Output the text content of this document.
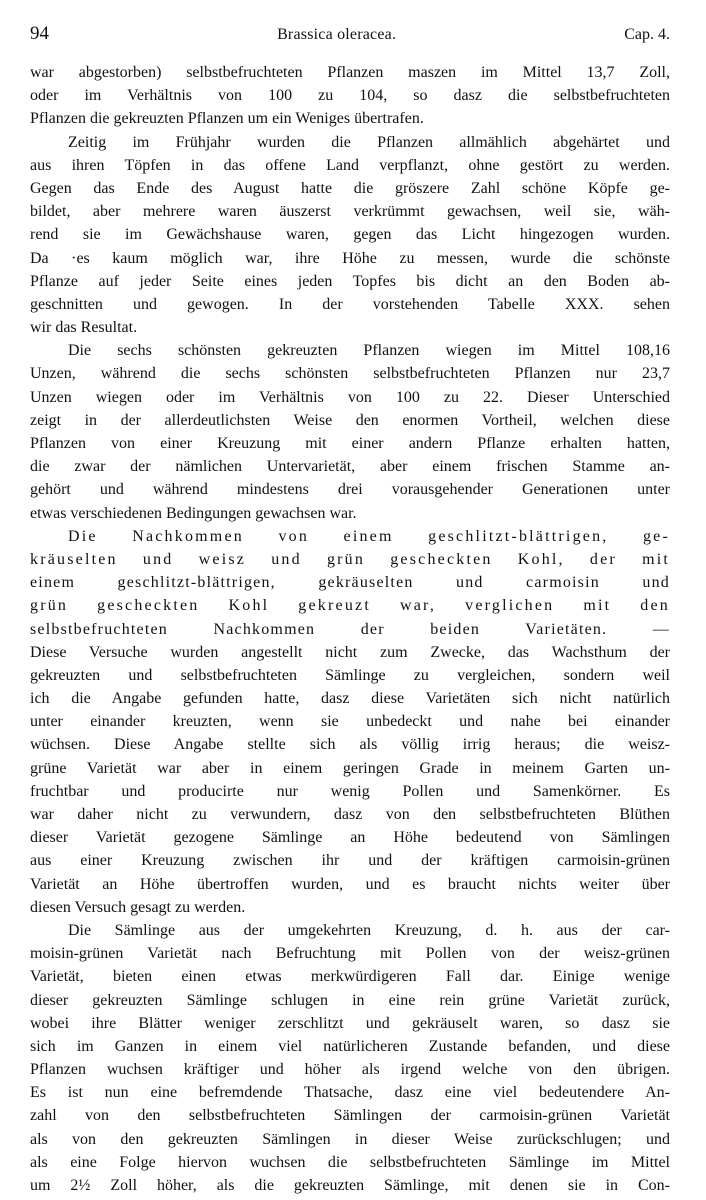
94	Brassica oleracea.	Cap. 4.
war abgestorben) selbstbefruchteten Pflanzen maszen im Mittel 13,7 Zoll,
oder im Verhältnis von 100 zu 104, so dasz die selbstbefruchteten
Pflanzen die gekreuzten Pflanzen um ein Weniges übertrafen.
Zeitig im Frühjahr wurden die Pflanzen allmählich abgehärtet und
aus ihren Töpfen in das offene Land verpflanzt, ohne gestört zu werden.
Gegen das Ende des August hatte die gröszere Zahl schöne Köpfe ge-
bildet, aber mehrere waren äuszerst verkrümmt gewachsen, weil sie, wäh-
rend sie im Gewächshause waren, gegen das Licht hingezogen wurden.
Da ·es kaum möglich war, ihre Höhe zu messen, wurde die schönste
Pflanze auf jeder Seite eines jeden Topfes bis dicht an den Boden ab-
geschnitten und gewogen. In der vorstehenden Tabelle XXX. sehen
wir das Resultat.
Die sechs schönsten gekreuzten Pflanzen wiegen im Mittel 108,16
Unzen, während die sechs schönsten selbstbefruchteten Pflanzen nur 23,7
Unzen wiegen oder im Verhältnis von 100 zu 22. Dieser Unterschied
zeigt in der allerdeutlichsten Weise den enormen Vortheil, welchen diese
Pflanzen von einer Kreuzung mit einer andern Pflanze erhalten hatten,
die zwar der nämlichen Untervarietät, aber einem frischen Stamme an-
gehört und während mindestens drei vorausgehender Generationen unter
etwas verschiedenen Bedingungen gewachsen war.
Die Nachkommen von einem geschlitzt-blättrigen, ge-
kräuselten und weisz und grün gescheckten Kohl, der mit
einem geschlitzt-blättrigen, gekräuselten und carmoisin und
grün gescheckten Kohl gekreuzt war, verglichen mit den
selbstbefruchteten Nachkommen der beiden Varietäten. —
Diese Versuche wurden angestellt nicht zum Zwecke, das Wachsthum der
gekreuzten und selbstbefruchteten Sämlinge zu vergleichen, sondern weil
ich die Angabe gefunden hatte, dasz diese Varietäten sich nicht natürlich
unter einander kreuzten, wenn sie unbedeckt und nahe bei einander
wüchsen. Diese Angabe stellte sich als völlig irrig heraus; die weisz-
grüne Varietät war aber in einem geringen Grade in meinem Garten un-
fruchtbar und producirte nur wenig Pollen und Samenkörner. Es
war daher nicht zu verwundern, dasz von den selbstbefruchteten Blüthen
dieser Varietät gezogene Sämlinge an Höhe bedeutend von Sämlingen
aus einer Kreuzung zwischen ihr und der kräftigen carmoisin-grünen
Varietät an Höhe übertroffen wurden, und es braucht nichts weiter über
diesen Versuch gesagt zu werden.
Die Sämlinge aus der umgekehrten Kreuzung, d. h. aus der car-
moisin-grünen Varietät nach Befruchtung mit Pollen von der weisz-grünen
Varietät, bieten einen etwas merkwürdigeren Fall dar. Einige wenige
dieser gekreuzten Sämlinge schlugen in eine rein grüne Varietät zurück,
wobei ihre Blätter weniger zerschlitzt und gekräuselt waren, so dasz sie
sich im Ganzen in einem viel natürlicheren Zustande befanden, und diese
Pflanzen wuchsen kräftiger und höher als irgend welche von den übrigen.
Es ist nun eine befremdende Thatsache, dasz eine viel bedeutendere An-
zahl von den selbstbefruchteten Sämlingen der carmoisin-grünen Varietät
als von den gekreuzten Sämlingen in dieser Weise zurückschlugen; und
als eine Folge hiervon wuchsen die selbstbefruchteten Sämlinge im Mittel
um 2½ Zoll höher, als die gekreuzten Sämlinge, mit denen sie in Con-
